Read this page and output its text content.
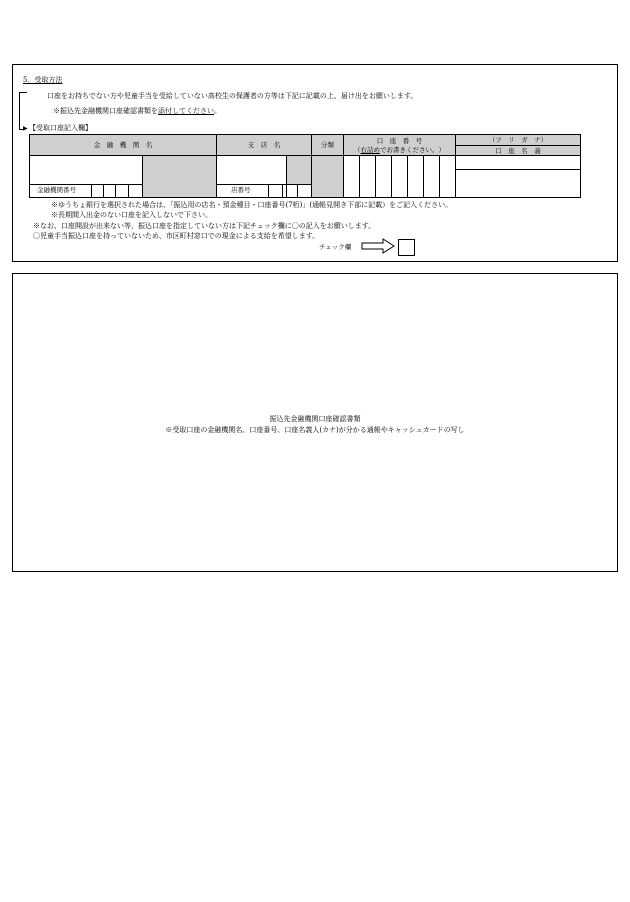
5．受取方法
▶
口座をお持ちでない方や児童手当を受給していない高校生の保護者の方等は下記に記載の上、届け出をお願いします。
※振込先金融機関口座確認書類を添付してください。
【受取口座記入欄】
金　融　機　関　名	支　店　名	分類	口　座　番　号
（ 右詰め でお書きください。 ）
（フ　リ　ガ　ナ）
口　座　名　義
金融機関番号	店番号
※ゆうちょ銀行を選択された場合は、「振込用の店名・預金種目・口座番号(7桁)」(通帳見開き下部に記載）をご記入ください。
※長期間入出金のない口座を記入しないで下さい。
※なお、口座開設が出来ない等、振込口座を指定していない方は下記チェック欄に〇の記入をお願いします。
〇児童手当振込口座を持っていないため、市区町村窓口での現金による支給を希望します。
チェック欄
振込先金融機関口座確認書類
※受取口座の金融機関名、口座番号、口座名義人(カナ)が分かる通帳やキャッシュカードの写し
